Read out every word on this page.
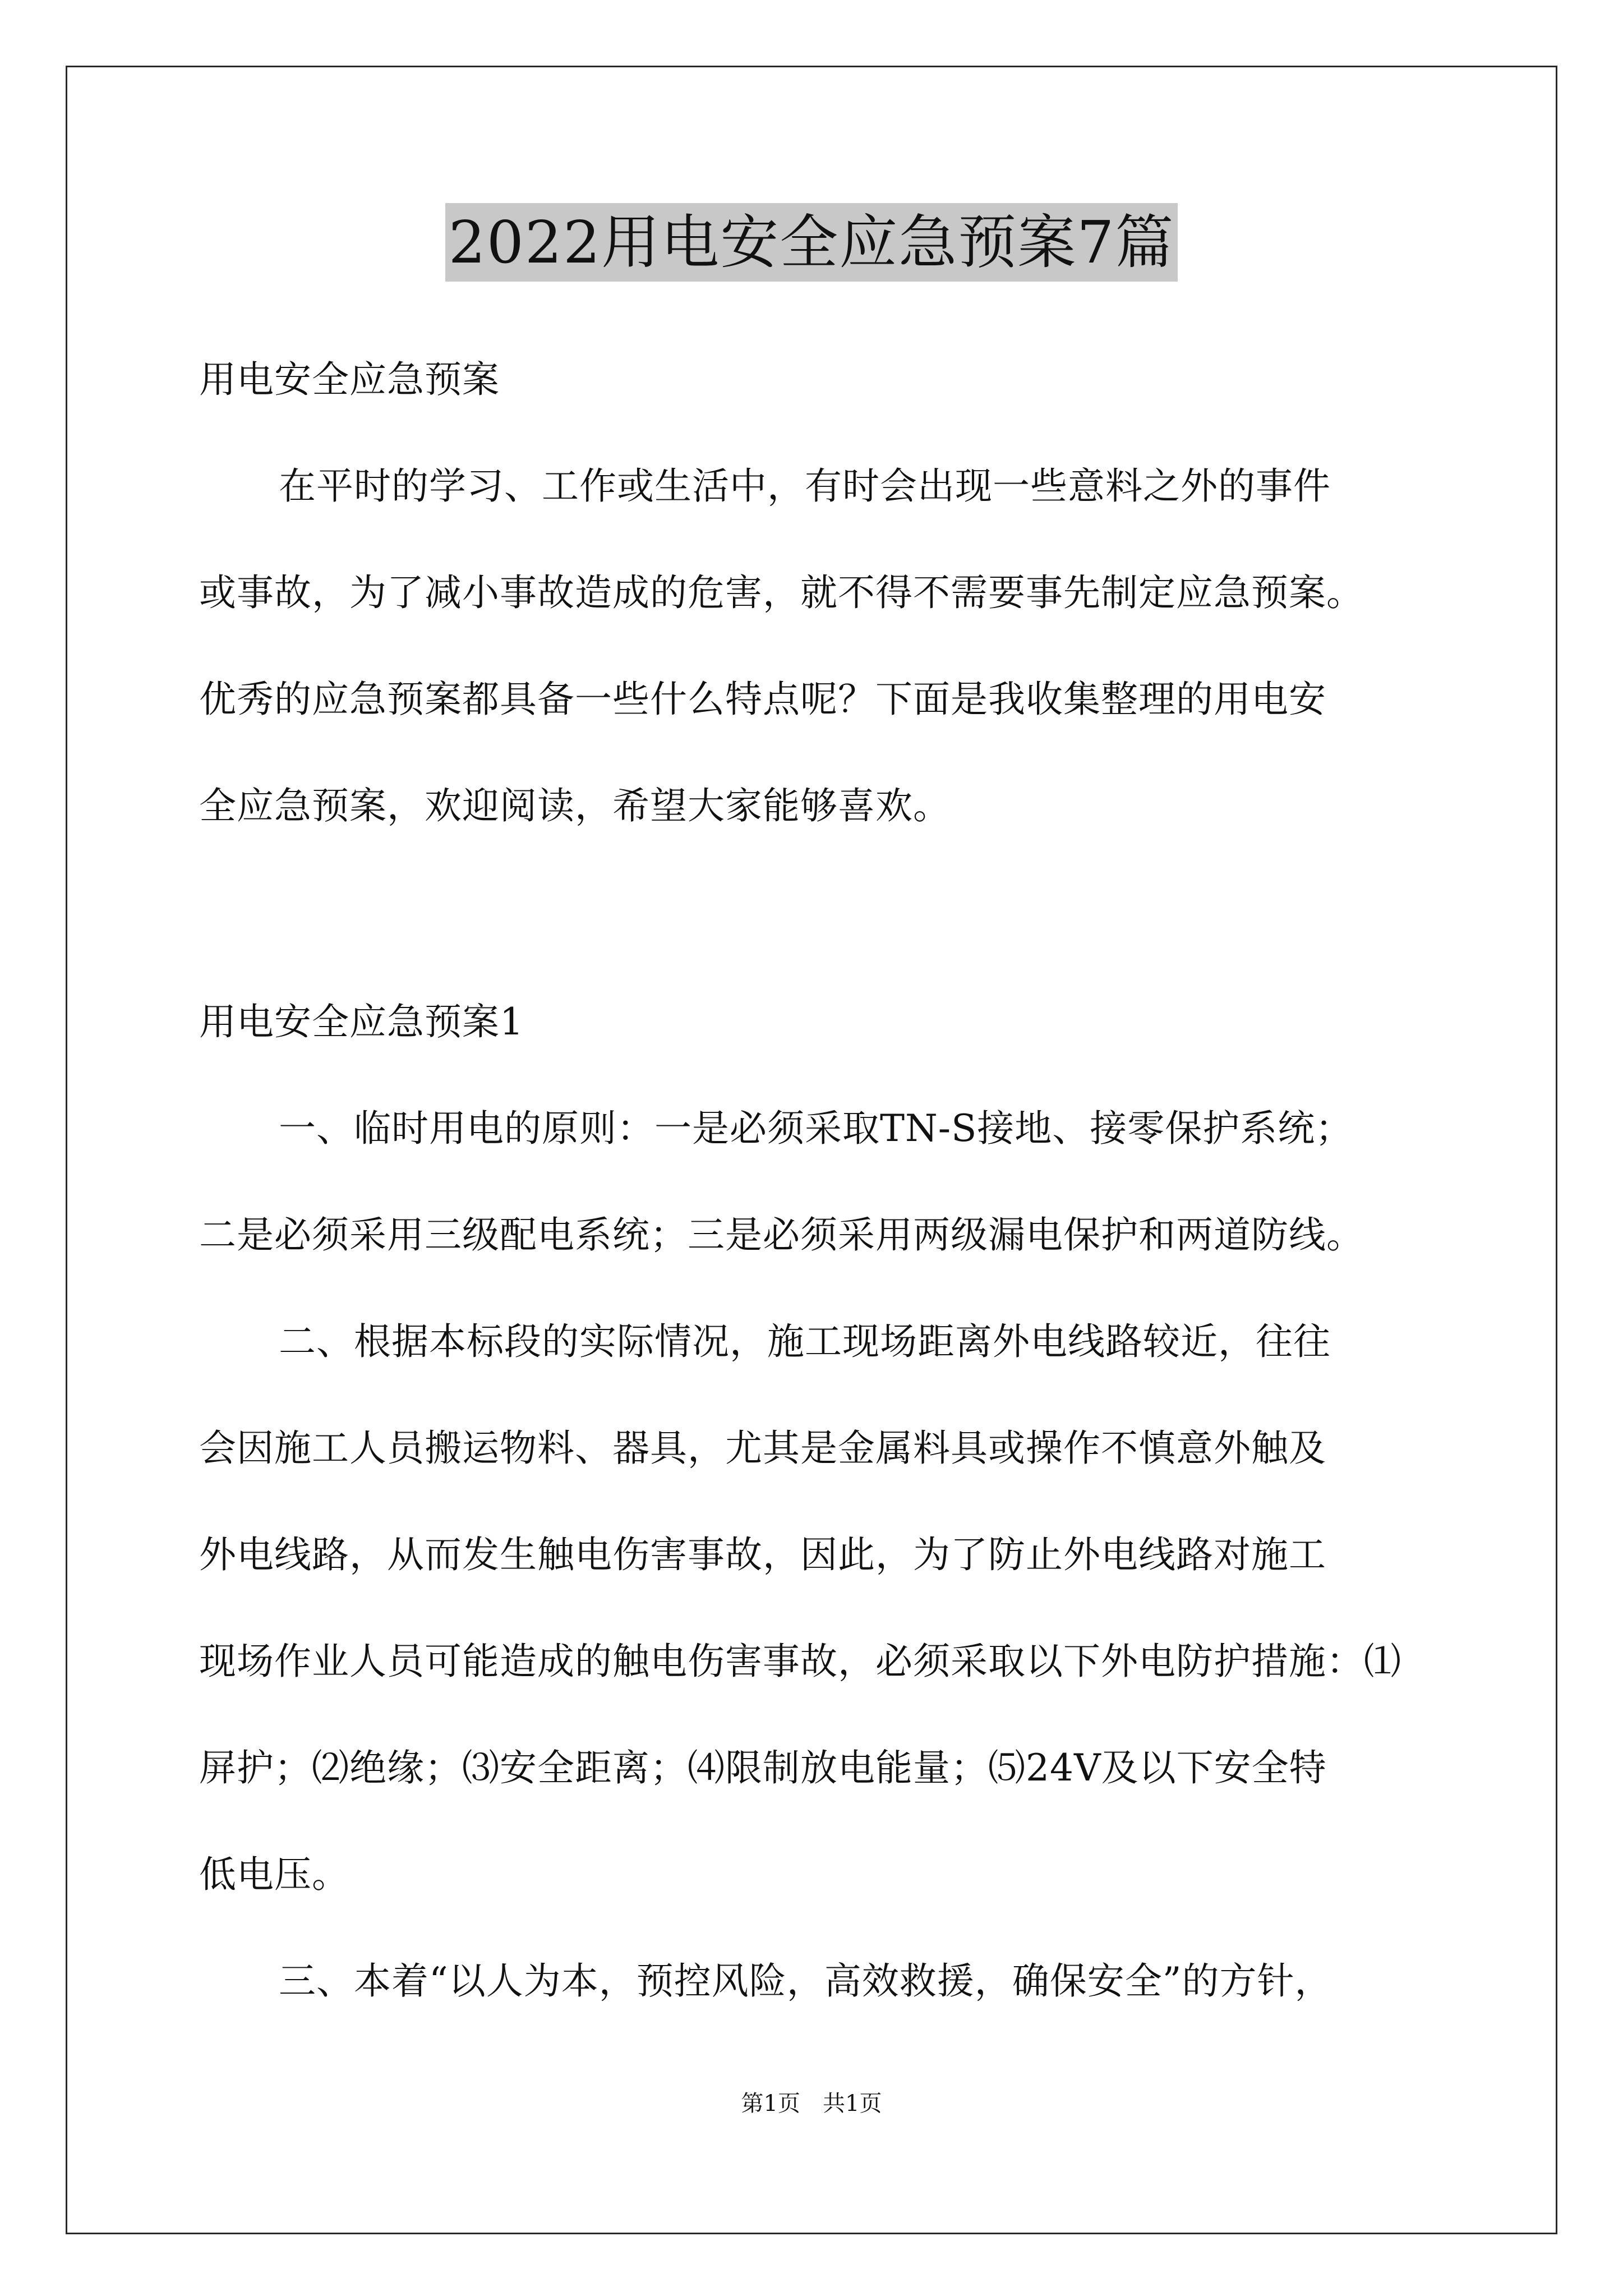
2022用电安全应急预案7篇
用电安全应急预案
在平时的学习、工作或生活中，有时会出现一些意料之外的事件
或事故，为了减小事故造成的危害，就不得不需要事先制定应急预案。
优秀的应急预案都具备一些什么特点呢？下面是我收集整理的用电安
全应急预案，欢迎阅读，希望大家能够喜欢。
用电安全应急预案1
一、临时用电的原则：一是必须采取TN-S接地、接零保护系统；
二是必须采用三级配电系统；三是必须采用两级漏电保护和两道防线。
二、根据本标段的实际情况，施工现场距离外电线路较近，往往
会因施工人员搬运物料、器具，尤其是金属料具或操作不慎意外触及
外电线路，从而发生触电伤害事故，因此，为了防止外电线路对施工
现场作业人员可能造成的触电伤害事故，必须采取以下外电防护措施：⑴
屏护；⑵绝缘；⑶安全距离；⑷限制放电能量；⑸24V及以下安全特
低电压。
三、本着“以人为本，预控风险，高效救援，确保安全”的方针，
第1页　共1页
